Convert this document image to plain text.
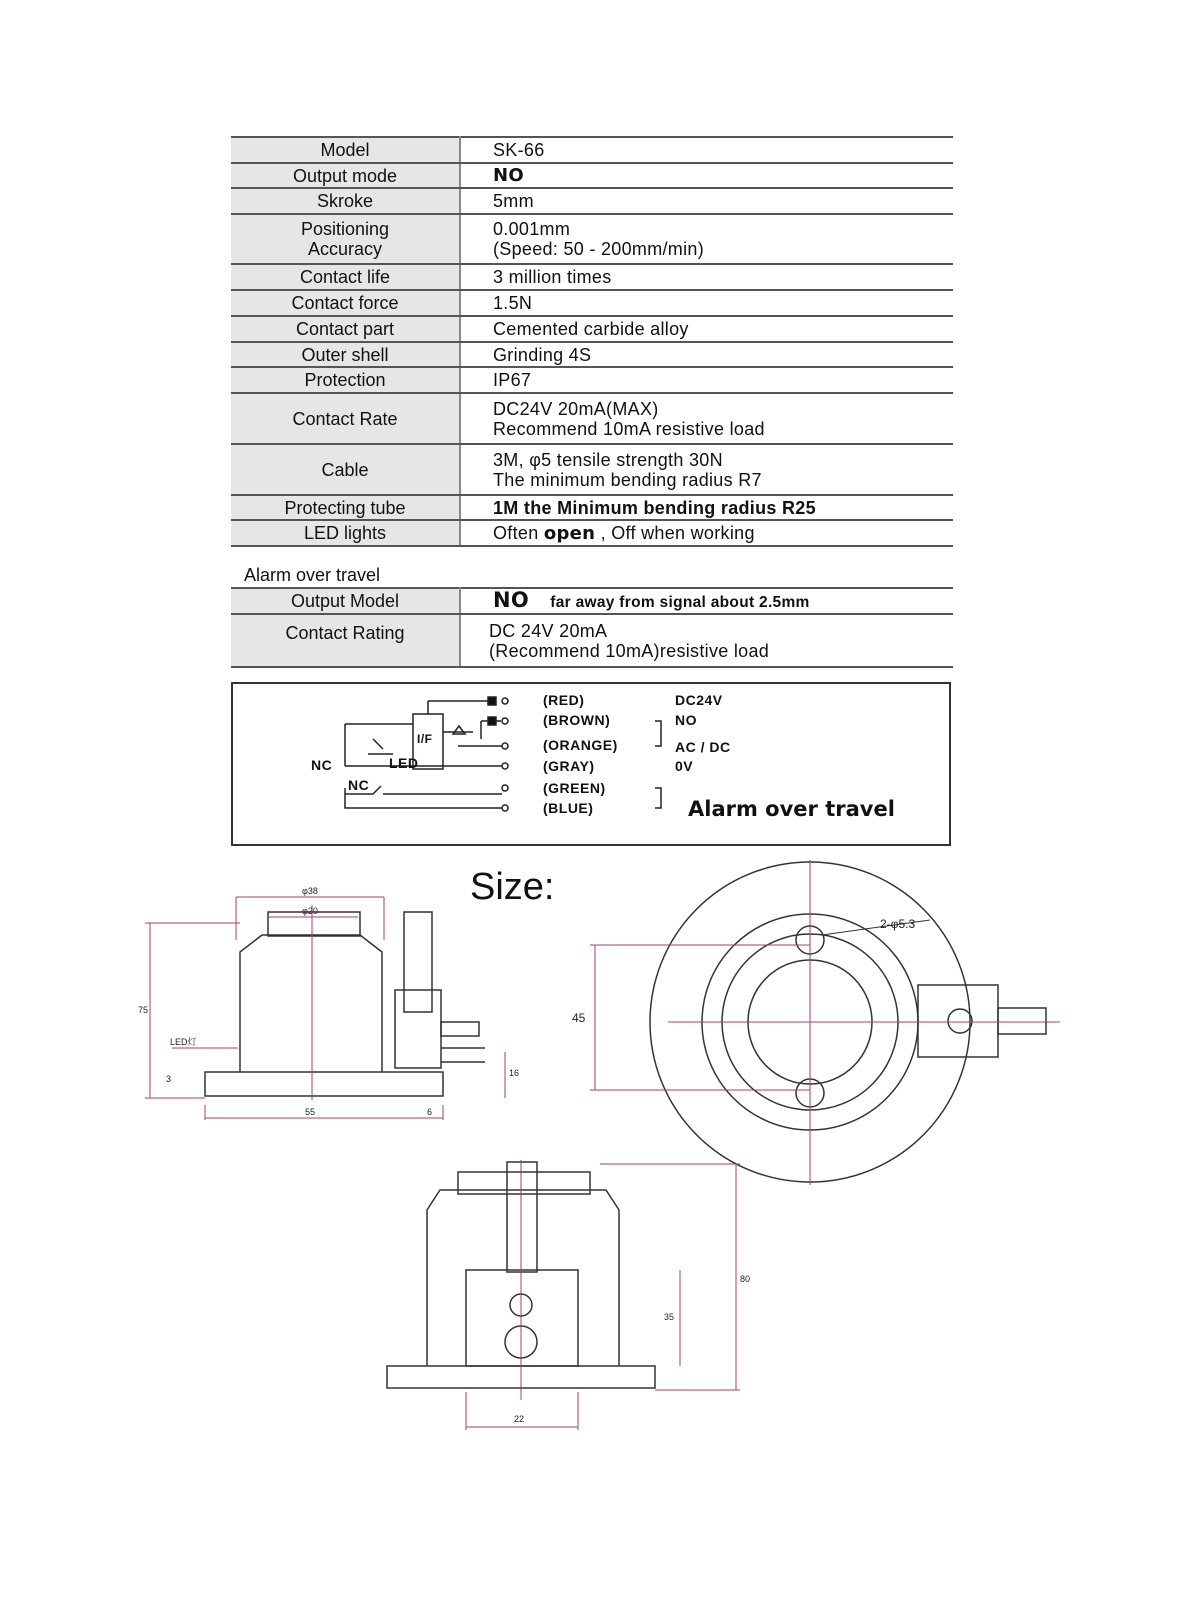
Model	SK-66
Output mode	NO
Skroke	5mm
Positioning
Accuracy	0.001mm
(Speed: 50 - 200mm/min)
Contact life	3 million times
Contact force	1.5N
Contact part	Cemented carbide alloy
Outer shell	Grinding 4S
Protection	IP67
Contact Rate	DC24V 20mA(MAX)
Recommend 10mA resistive load
Cable	3M, φ5 tensile strength 30N
The minimum bending radius R7
Protecting tube	1M the Minimum bending radius R25
LED lights	Often open , Off when working
Alarm over travel
Output Model	NO far away from signal about 2.5mm
Contact Rating	DC 24V 20mA
(Recommend 10mA)resistive load
(RED)
(BROWN)
(ORANGE)
(GRAY)
(GREEN)
(BLUE)
DC24V
NO
AC / DC
0V
NC
NC
LED
I/F
Alarm over travel
Size:
φ38
φ20
75
3
55	6
16
LED灯
2-φ5.3
45
80
35
22
